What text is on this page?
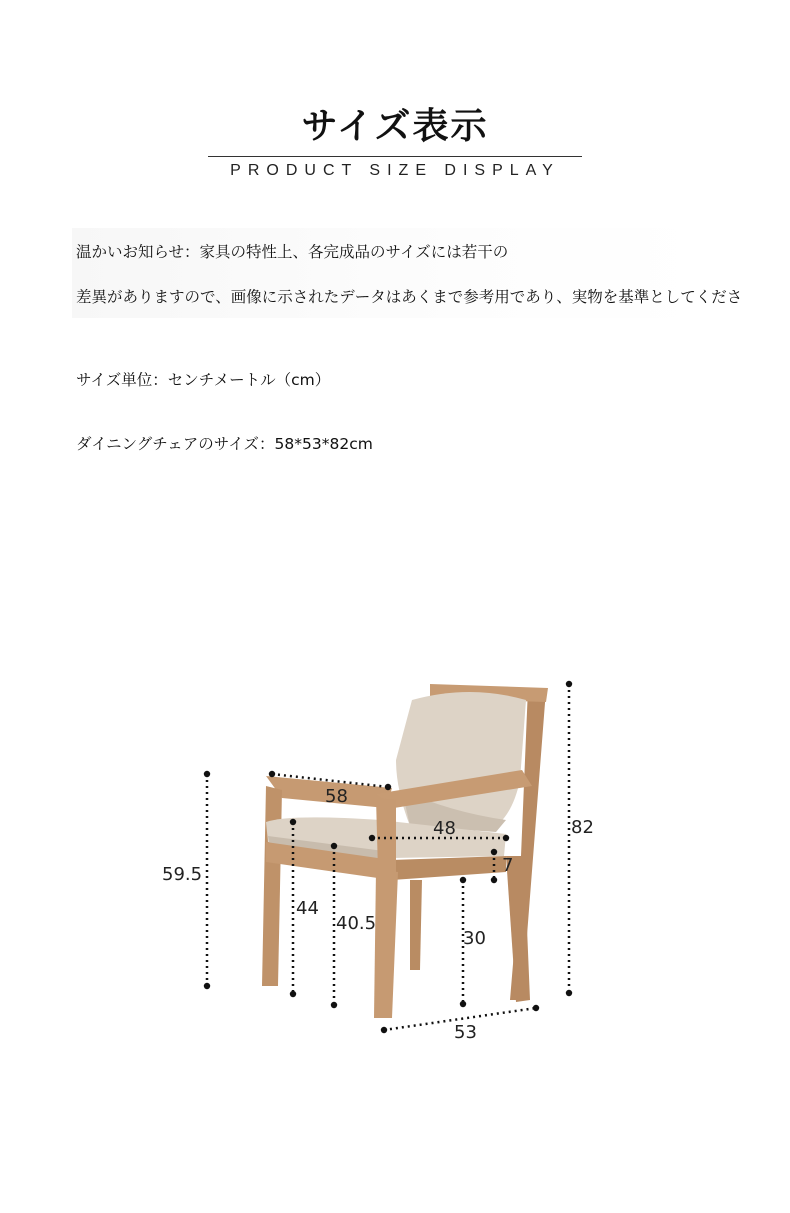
サイズ表示
PRODUCT SIZE DISPLAY
温かいお知らせ：家具の特性上、各完成品のサイズには若干の
差異がありますので、画像に示されたデータはあくまで参考用であり、実物を基準としてくださ
サイズ単位：センチメートル（cm）
ダイニングチェアのサイズ：58*53*82cm
58
48	82
59.5	7
44
40.5
30
53
